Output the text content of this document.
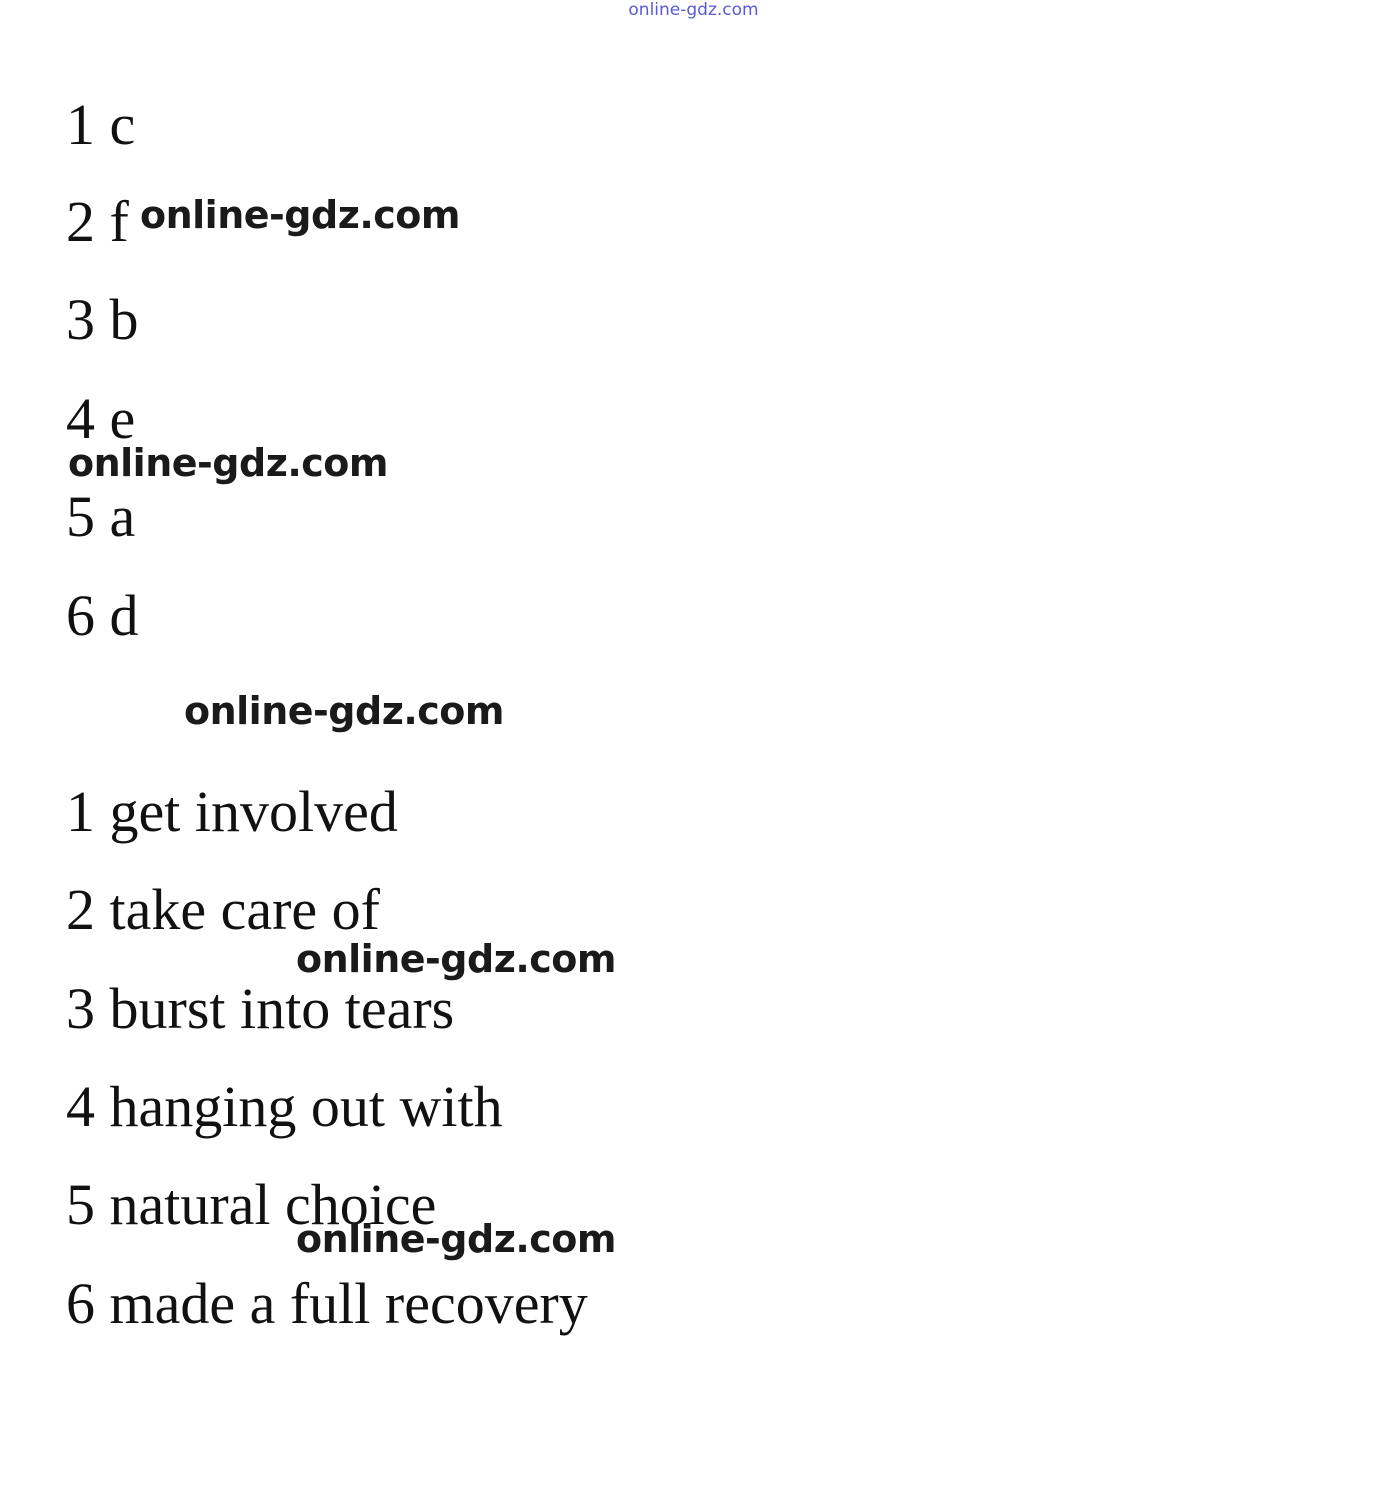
online-gdz.com

1 c

2 f

3 b

4 e

5 a

6 d

1 get involved

2 take care of

3 burst into tears

4 hanging out with

5 natural choice

6 made a full recovery

online-gdz.com
online-gdz.com
online-gdz.com
online-gdz.com
online-gdz.com
